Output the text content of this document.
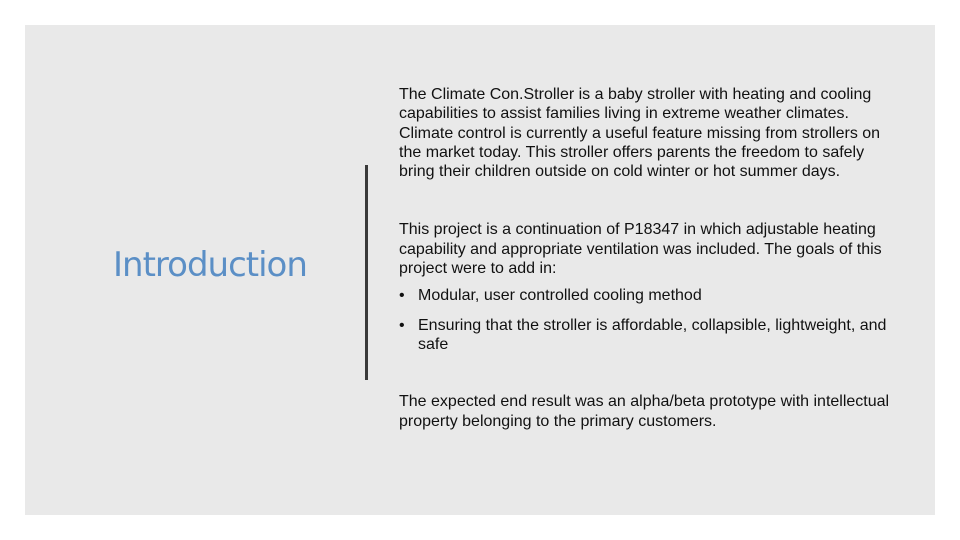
Introduction

The Climate Con.Stroller is a baby stroller with heating and cooling capabilities to assist families living in extreme weather climates. Climate control is currently a useful feature missing from strollers on the market today. This stroller offers parents the freedom to safely bring their children outside on cold winter or hot summer days.

This project is a continuation of P18347 in which adjustable heating capability and appropriate ventilation was included. The goals of this project were to add in:

• Modular, user controlled cooling method
• Ensuring that the stroller is affordable, collapsible, lightweight, and safe

The expected end result was an alpha/beta prototype with intellectual property belonging to the primary customers.
